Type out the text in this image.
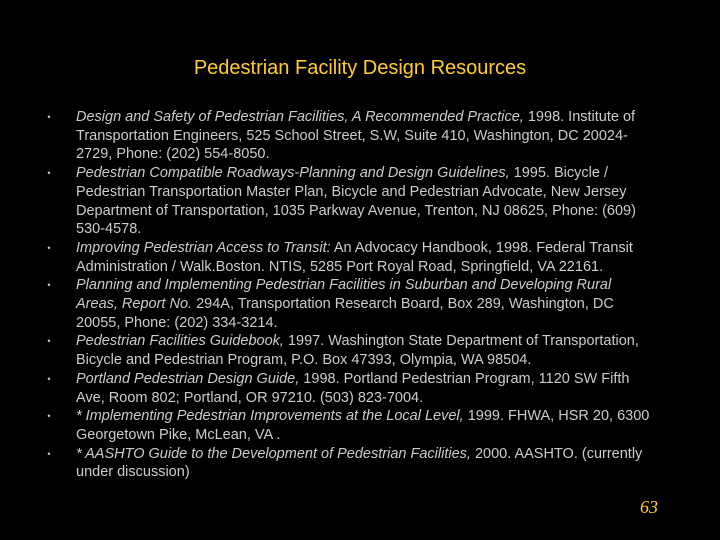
Pedestrian Facility Design Resources
•	Design and Safety of Pedestrian Facilities, A Recommended Practice, 1998. Institute of Transportation Engineers, 525 School Street, S.W, Suite 410, Washington, DC 20024-2729, Phone: (202) 554-8050.
•	Pedestrian Compatible Roadways-Planning and Design Guidelines, 1995. Bicycle / Pedestrian Transportation Master Plan, Bicycle and Pedestrian Advocate, New Jersey Department of Transportation, 1035 Parkway Avenue, Trenton, NJ 08625, Phone: (609) 530-4578.
•	Improving Pedestrian Access to Transit: An Advocacy Handbook, 1998. Federal Transit Administration / Walk.Boston. NTIS, 5285 Port Royal Road, Springfield, VA 22161.
•	Planning and Implementing Pedestrian Facilities in Suburban and Developing Rural Areas, Report No. 294A, Transportation Research Board, Box 289, Washington, DC 20055, Phone: (202) 334-3214.
•	Pedestrian Facilities Guidebook, 1997. Washington State Department of Transportation, Bicycle and Pedestrian Program, P.O. Box 47393, Olympia, WA 98504.
•	Portland Pedestrian Design Guide, 1998. Portland Pedestrian Program, 1120 SW Fifth Ave, Room 802; Portland, OR 97210. (503) 823-7004.
•	* Implementing Pedestrian Improvements at the Local Level, 1999. FHWA, HSR 20, 6300 Georgetown Pike, McLean, VA .
•	* AASHTO Guide to the Development of Pedestrian Facilities, 2000. AASHTO. (currently under discussion)
63
